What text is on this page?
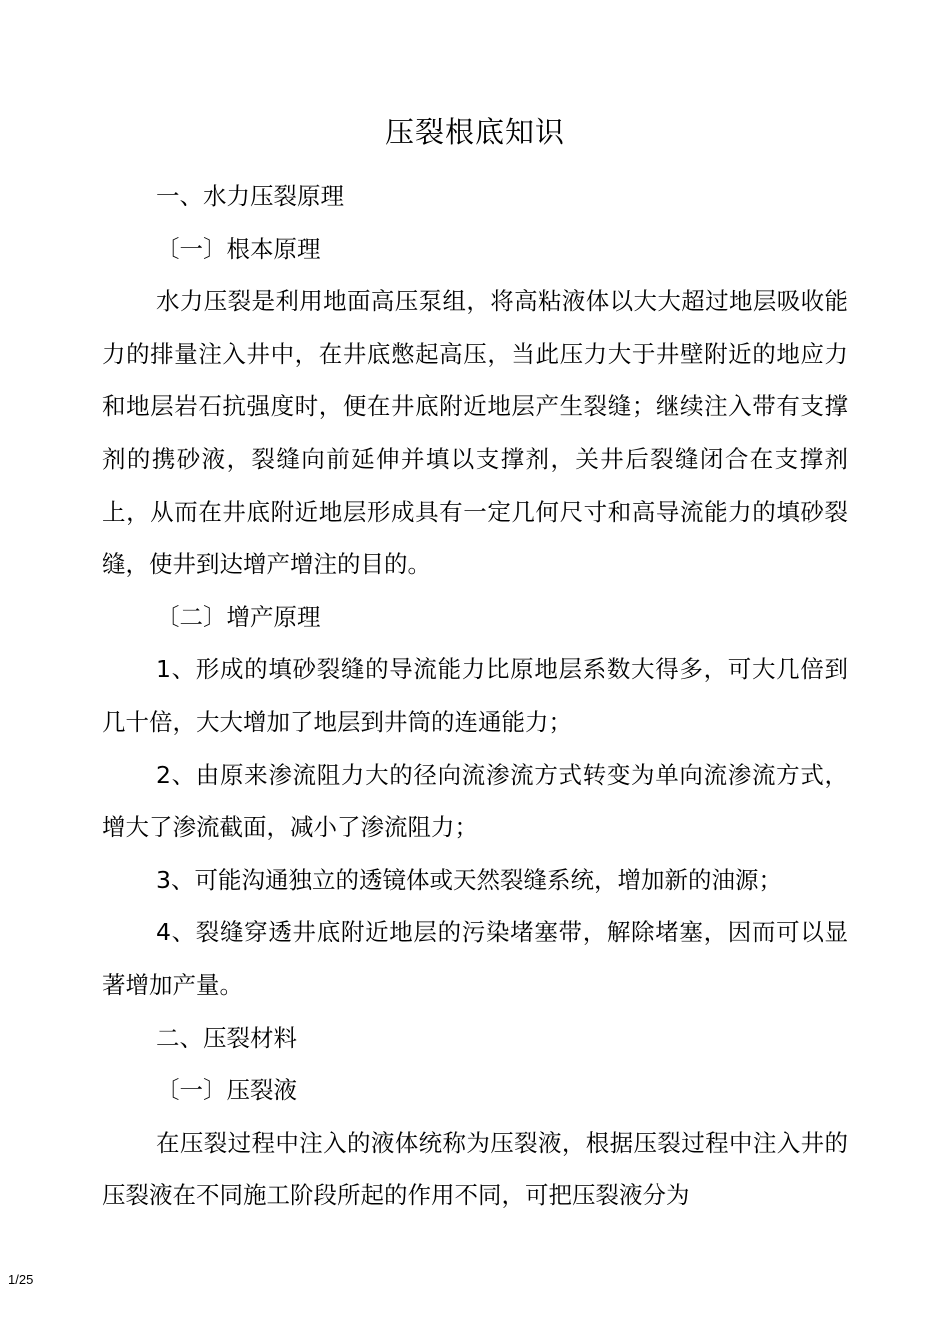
压裂根底知识

一、水力压裂原理

〔一〕根本原理

水力压裂是利用地面高压泵组，将高粘液体以大大超过地层吸收能力的排量注入井中，在井底憋起高压，当此压力大于井壁附近的地应力和地层岩石抗强度时，便在井底附近地层产生裂缝；继续注入带有支撑剂的携砂液，裂缝向前延伸并填以支撑剂，关井后裂缝闭合在支撑剂上，从而在井底附近地层形成具有一定几何尺寸和高导流能力的填砂裂缝，使井到达增产增注的目的。

〔二〕增产原理

1、形成的填砂裂缝的导流能力比原地层系数大得多，可大几倍到几十倍，大大增加了地层到井筒的连通能力；

2、由原来渗流阻力大的径向流渗流方式转变为单向流渗流方式，增大了渗流截面，减小了渗流阻力；

3、可能沟通独立的透镜体或天然裂缝系统，增加新的油源；

4、裂缝穿透井底附近地层的污染堵塞带，解除堵塞，因而可以显著增加产量。

二、压裂材料

〔一〕压裂液

在压裂过程中注入的液体统称为压裂液，根据压裂过程中注入井的压裂液在不同施工阶段所起的作用不同，可把压裂液分为

1/25
